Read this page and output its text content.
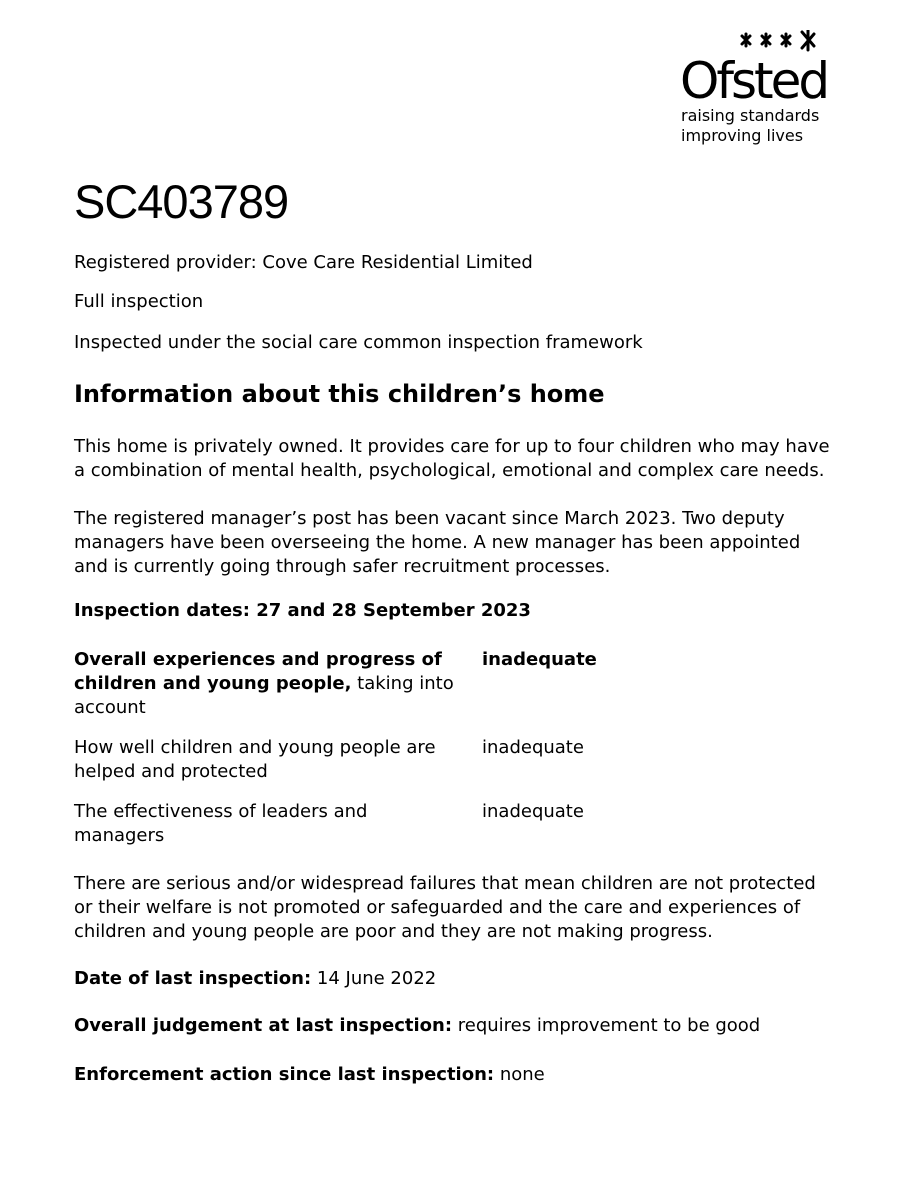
Ofsted
raising standards
improving lives
SC403789
Registered provider: Cove Care Residential Limited
Full inspection
Inspected under the social care common inspection framework
Information about this children’s home
This home is privately owned. It provides care for up to four children who may have a combination of mental health, psychological, emotional and complex care needs.
The registered manager’s post has been vacant since March 2023. Two deputy managers have been overseeing the home. A new manager has been appointed and is currently going through safer recruitment processes.
Inspection dates: 27 and 28 September 2023
Overall experiences and progress of children and young people, taking into account
inadequate
How well children and young people are helped and protected
inadequate
The effectiveness of leaders and managers
inadequate
There are serious and/or widespread failures that mean children are not protected or their welfare is not promoted or safeguarded and the care and experiences of children and young people are poor and they are not making progress.
Date of last inspection: 14 June 2022
Overall judgement at last inspection: requires improvement to be good
Enforcement action since last inspection: none
